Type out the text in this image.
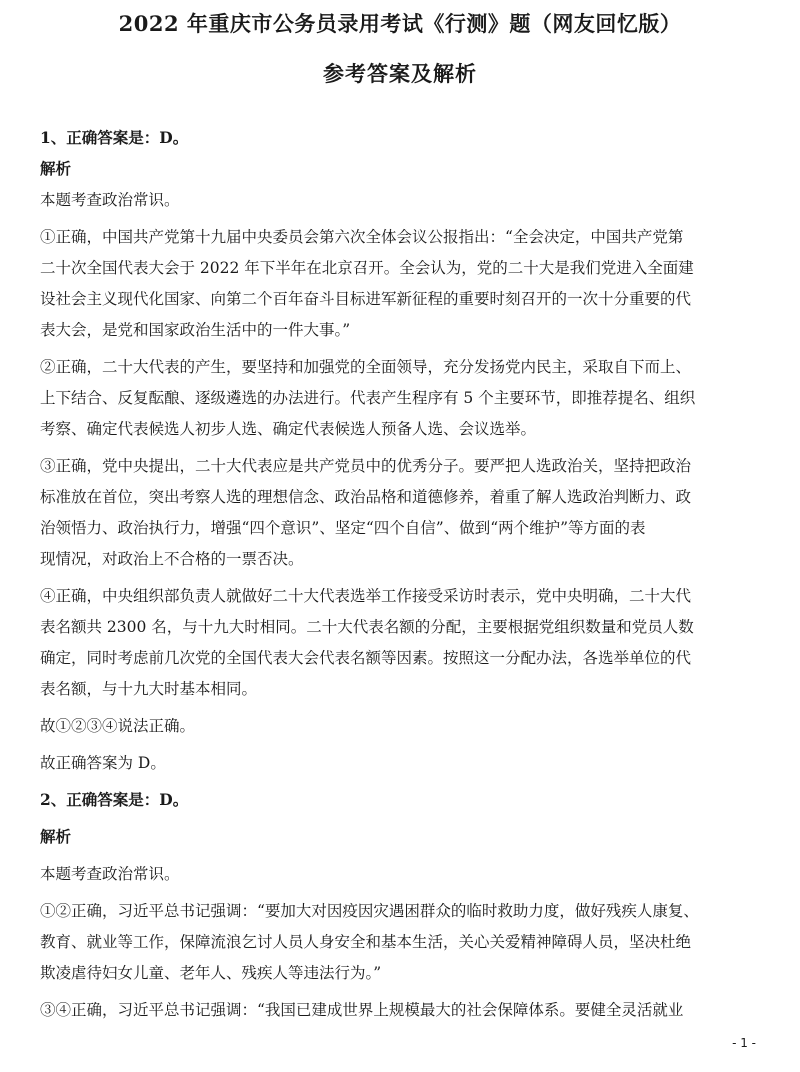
2022 年重庆市公务员录用考试《行测》题（网友回忆版）
参考答案及解析
1、正确答案是：D。
解析
本题考查政治常识。
①正确，中国共产党第十九届中央委员会第六次全体会议公报指出：“全会决定，中国共产党第
二十次全国代表大会于 2022 年下半年在北京召开。全会认为，党的二十大是我们党进入全面建
设社会主义现代化国家、向第二个百年奋斗目标进军新征程的重要时刻召开的一次十分重要的代
表大会，是党和国家政治生活中的一件大事。”
②正确，二十大代表的产生，要坚持和加强党的全面领导，充分发扬党内民主，采取自下而上、
上下结合、反复酝酿、逐级遴选的办法进行。代表产生程序有 5 个主要环节，即推荐提名、组织
考察、确定代表候选人初步人选、确定代表候选人预备人选、会议选举。
③正确，党中央提出，二十大代表应是共产党员中的优秀分子。要严把人选政治关，坚持把政治
标准放在首位，突出考察人选的理想信念、政治品格和道德修养，着重了解人选政治判断力、政
治领悟力、政治执行力，增强“四个意识”、坚定“四个自信”、做到“两个维护”等方面的表
现情况，对政治上不合格的一票否决。
④正确，中央组织部负责人就做好二十大代表选举工作接受采访时表示，党中央明确，二十大代
表名额共 2300 名，与十九大时相同。二十大代表名额的分配，主要根据党组织数量和党员人数
确定，同时考虑前几次党的全国代表大会代表名额等因素。按照这一分配办法，各选举单位的代
表名额，与十九大时基本相同。
故①②③④说法正确。
故正确答案为 D。
2、正确答案是：D。
解析
本题考查政治常识。
①②正确，习近平总书记强调：“要加大对因疫因灾遇困群众的临时救助力度，做好残疾人康复、
教育、就业等工作，保障流浪乞讨人员人身安全和基本生活，关心关爱精神障碍人员，坚决杜绝
欺凌虐待妇女儿童、老年人、残疾人等违法行为。”
③④正确，习近平总书记强调：“我国已建成世界上规模最大的社会保障体系。要健全灵活就业
- 1 -
